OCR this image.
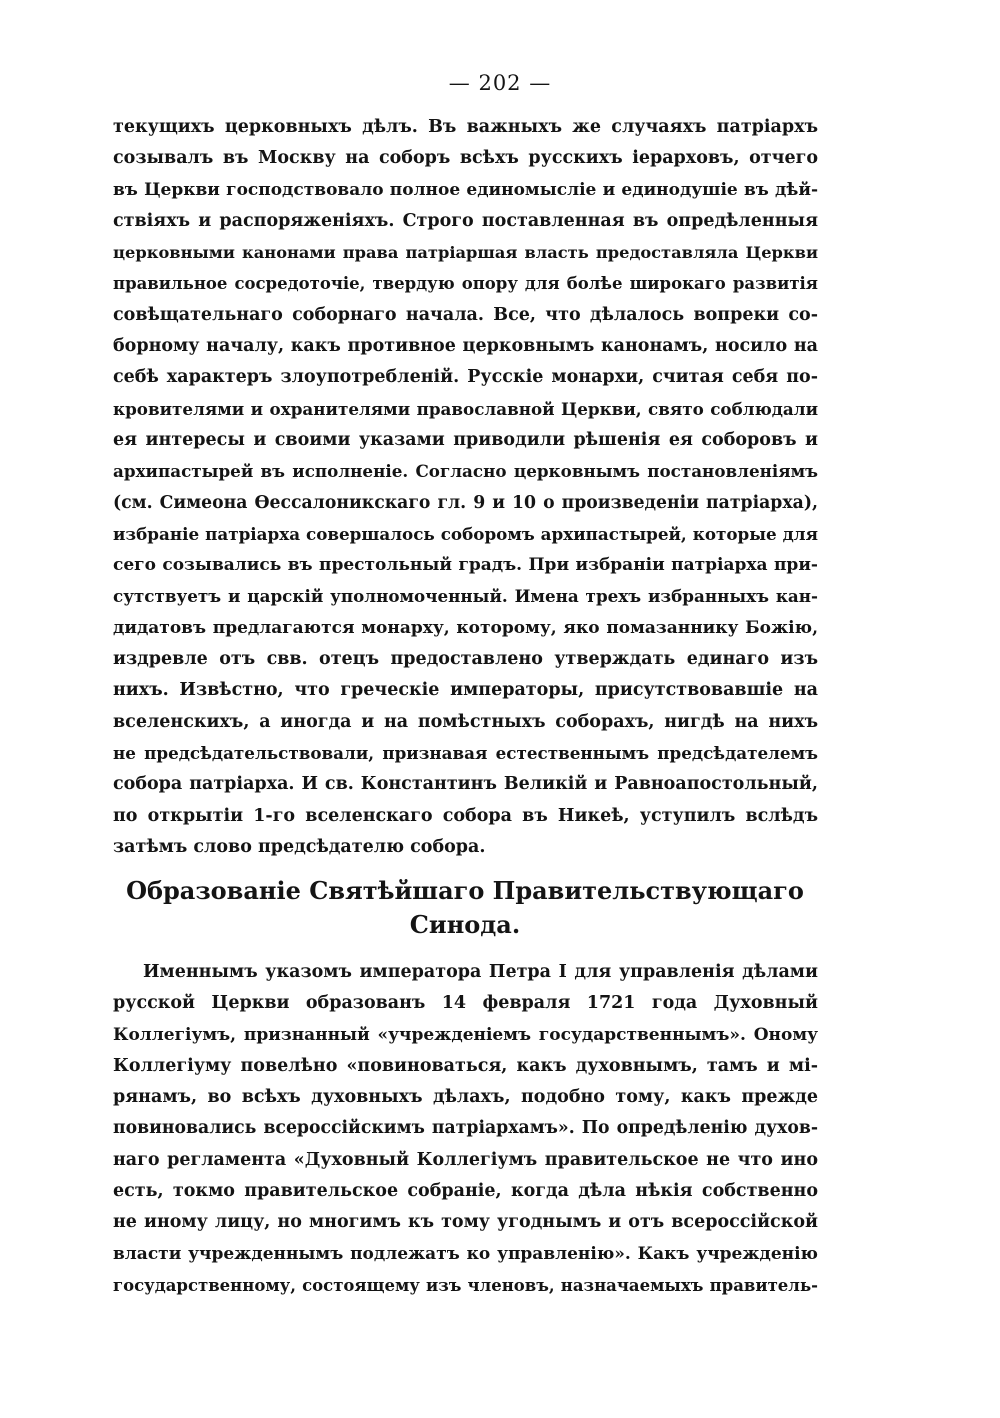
— 202 —
текущихъ церковныхъ дѣлъ. Въ важныхъ же случаяхъ патріархъ
созывалъ въ Москву на соборъ всѣхъ русскихъ іерарховъ, отчего
въ Церкви господствовало полное единомысліе и единодушіе въ дѣй-
ствіяхъ и распоряженіяхъ. Строго поставленная въ опредѣленныя
церковными канонами права патріаршая власть предоставляла Церкви
правильное сосредоточіе, твердую опору для болѣе широкаго развитія
совѣщательнаго соборнаго начала. Все, что дѣлалось вопреки со-
борному началу, какъ противное церковнымъ канонамъ, носило на
себѣ характеръ злоупотребленій. Русскіе монархи, считая себя по-
кровителями и охранителями православной Церкви, свято соблюдали
ея интересы и своими указами приводили рѣшенія ея соборовъ и
архипастырей въ исполненіе. Согласно церковнымъ постановленіямъ
(см. Симеона Ѳессалоникскаго гл. 9 и 10 о произведеніи патріарха),
избраніе патріарха совершалось соборомъ архипастырей, которые для
сего созывались въ престольный градъ. При избраніи патріарха при-
сутствуетъ и царскій уполномоченный. Имена трехъ избранныхъ кан-
дидатовъ предлагаются монарху, которому, яко помазаннику Божію,
издревле отъ свв. отецъ предоставлено утверждать единаго изъ
нихъ. Извѣстно, что греческіе императоры, присутствовавшіе на
вселенскихъ, а иногда и на помѣстныхъ соборахъ, нигдѣ на нихъ
не предсѣдательствовали, признавая естественнымъ предсѣдателемъ
собора патріарха. И св. Константинъ Великій и Равноапостольный,
по открытіи 1-го вселенскаго собора въ Никеѣ, уступилъ вслѣдъ
затѣмъ слово предсѣдателю собора.
Образованіе Святѣйшаго Правительствующаго
Синода.
Именнымъ указомъ императора Петра I для управленія дѣлами
русской Церкви образованъ 14 февраля 1721 года Духовный
Коллегіумъ, признанный «учрежденіемъ государственнымъ». Оному
Коллегіуму повелѣно «повиноваться, какъ духовнымъ, тамъ и мі-
рянамъ, во всѣхъ духовныхъ дѣлахъ, подобно тому, какъ прежде
повиновались всероссійскимъ патріархамъ». По опредѣленію духов-
наго регламента «Духовный Коллегіумъ правительское не что ино
есть, токмо правительское собраніе, когда дѣла нѣкія собственно
не иному лицу, но многимъ къ тому угоднымъ и отъ всероссійской
власти учрежденнымъ подлежатъ ко управленію». Какъ учрежденію
государственному, состоящему изъ членовъ, назначаемыхъ правитель-
